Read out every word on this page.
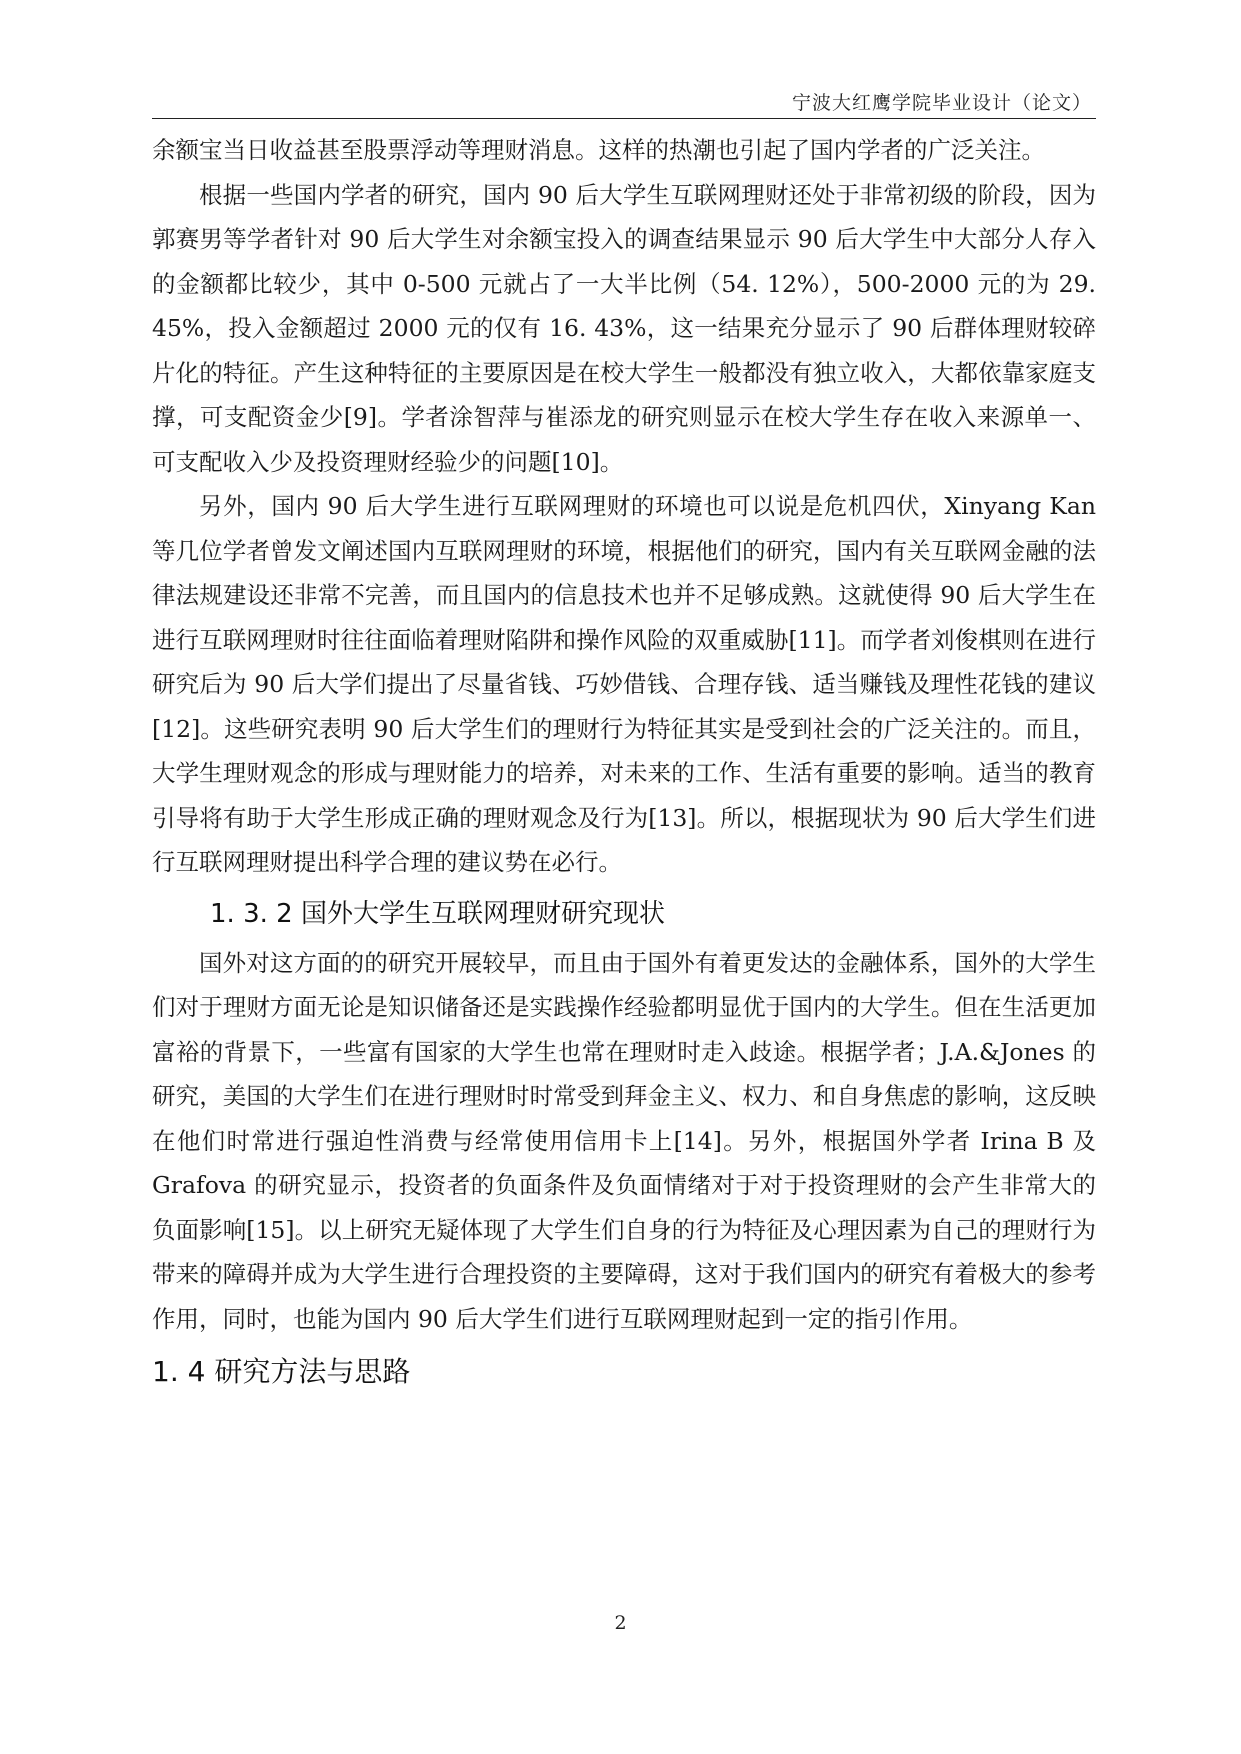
宁波大红鹰学院毕业设计（论文）

余额宝当日收益甚至股票浮动等理财消息。这样的热潮也引起了国内学者的广泛关注。

根据一些国内学者的研究，国内 90 后大学生互联网理财还处于非常初级的阶段，因为郭赛男等学者针对 90 后大学生对余额宝投入的调查结果显示 90 后大学生中大部分人存入的金额都比较少，其中 0-500 元就占了一大半比例（54. 12%），500-2000 元的为 29. 45%，投入金额超过 2000 元的仅有 16. 43%，这一结果充分显示了 90 后群体理财较碎片化的特征。产生这种特征的主要原因是在校大学生一般都没有独立收入，大都依靠家庭支撑，可支配资金少[9]。学者涂智萍与崔添龙的研究则显示在校大学生存在收入来源单一、可支配收入少及投资理财经验少的问题[10]。

另外，国内 90 后大学生进行互联网理财的环境也可以说是危机四伏，Xinyang Kan 等几位学者曾发文阐述国内互联网理财的环境，根据他们的研究，国内有关互联网金融的法律法规建设还非常不完善，而且国内的信息技术也并不足够成熟。这就使得 90 后大学生在进行互联网理财时往往面临着理财陷阱和操作风险的双重威胁[11]。而学者刘俊棋则在进行研究后为 90 后大学们提出了尽量省钱、巧妙借钱、合理存钱、适当赚钱及理性花钱的建议[12]。这些研究表明 90 后大学生们的理财行为特征其实是受到社会的广泛关注的。而且，大学生理财观念的形成与理财能力的培养，对未来的工作、生活有重要的影响。适当的教育引导将有助于大学生形成正确的理财观念及行为[13]。所以，根据现状为 90 后大学生们进行互联网理财提出科学合理的建议势在必行。

1. 3. 2 国外大学生互联网理财研究现状

国外对这方面的的研究开展较早，而且由于国外有着更发达的金融体系，国外的大学生们对于理财方面无论是知识储备还是实践操作经验都明显优于国内的大学生。但在生活更加富裕的背景下，一些富有国家的大学生也常在理财时走入歧途。根据学者；J.A.&Jones 的研究，美国的大学生们在进行理财时时常受到拜金主义、权力、和自身焦虑的影响，这反映在他们时常进行强迫性消费与经常使用信用卡上[14]。另外，根据国外学者 Irina B 及 Grafova 的研究显示，投资者的负面条件及负面情绪对于对于投资理财的会产生非常大的负面影响[15]。以上研究无疑体现了大学生们自身的行为特征及心理因素为自己的理财行为带来的障碍并成为大学生进行合理投资的主要障碍，这对于我们国内的研究有着极大的参考作用，同时，也能为国内 90 后大学生们进行互联网理财起到一定的指引作用。

1. 4 研究方法与思路
2
